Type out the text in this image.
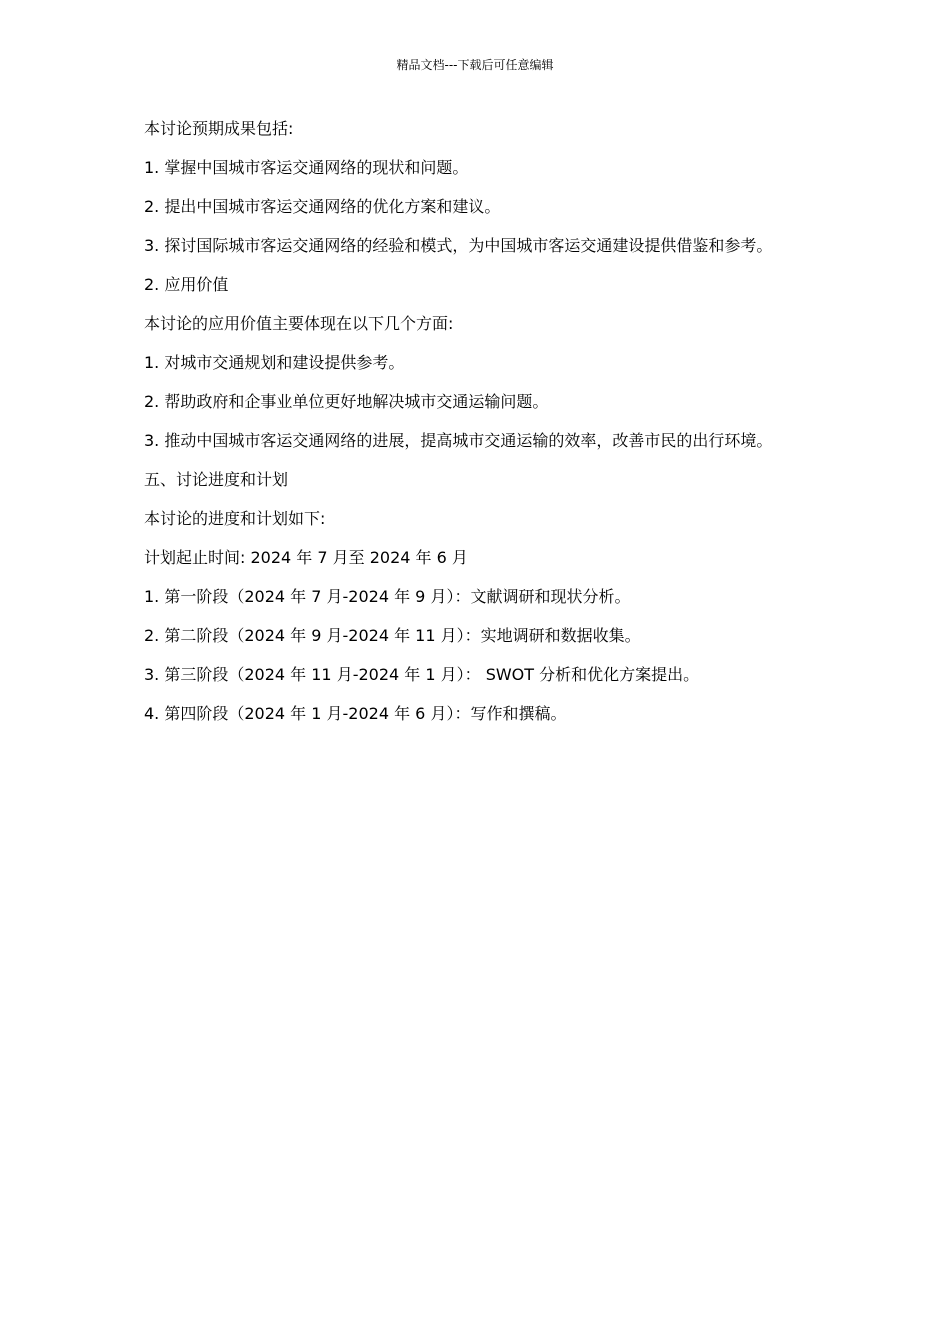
精品文档---下载后可任意编辑

本讨论预期成果包括:

1. 掌握中国城市客运交通网络的现状和问题。

2. 提出中国城市客运交通网络的优化方案和建议。

3. 探讨国际城市客运交通网络的经验和模式，为中国城市客运交通建设提供借鉴和参考。

2. 应用价值

本讨论的应用价值主要体现在以下几个方面:

1. 对城市交通规划和建设提供参考。

2. 帮助政府和企事业单位更好地解决城市交通运输问题。

3. 推动中国城市客运交通网络的进展，提高城市交通运输的效率，改善市民的出行环境。

五、讨论进度和计划

本讨论的进度和计划如下:

计划起止时间: 2024 年 7 月至 2024 年 6 月

1. 第一阶段（2024 年 7 月-2024 年 9 月）：文献调研和现状分析。

2. 第二阶段（2024 年 9 月-2024 年 11 月）：实地调研和数据收集。

3. 第三阶段（2024 年 11 月-2024 年 1 月）： SWOT 分析和优化方案提出。

4. 第四阶段（2024 年 1 月-2024 年 6 月）：写作和撰稿。
